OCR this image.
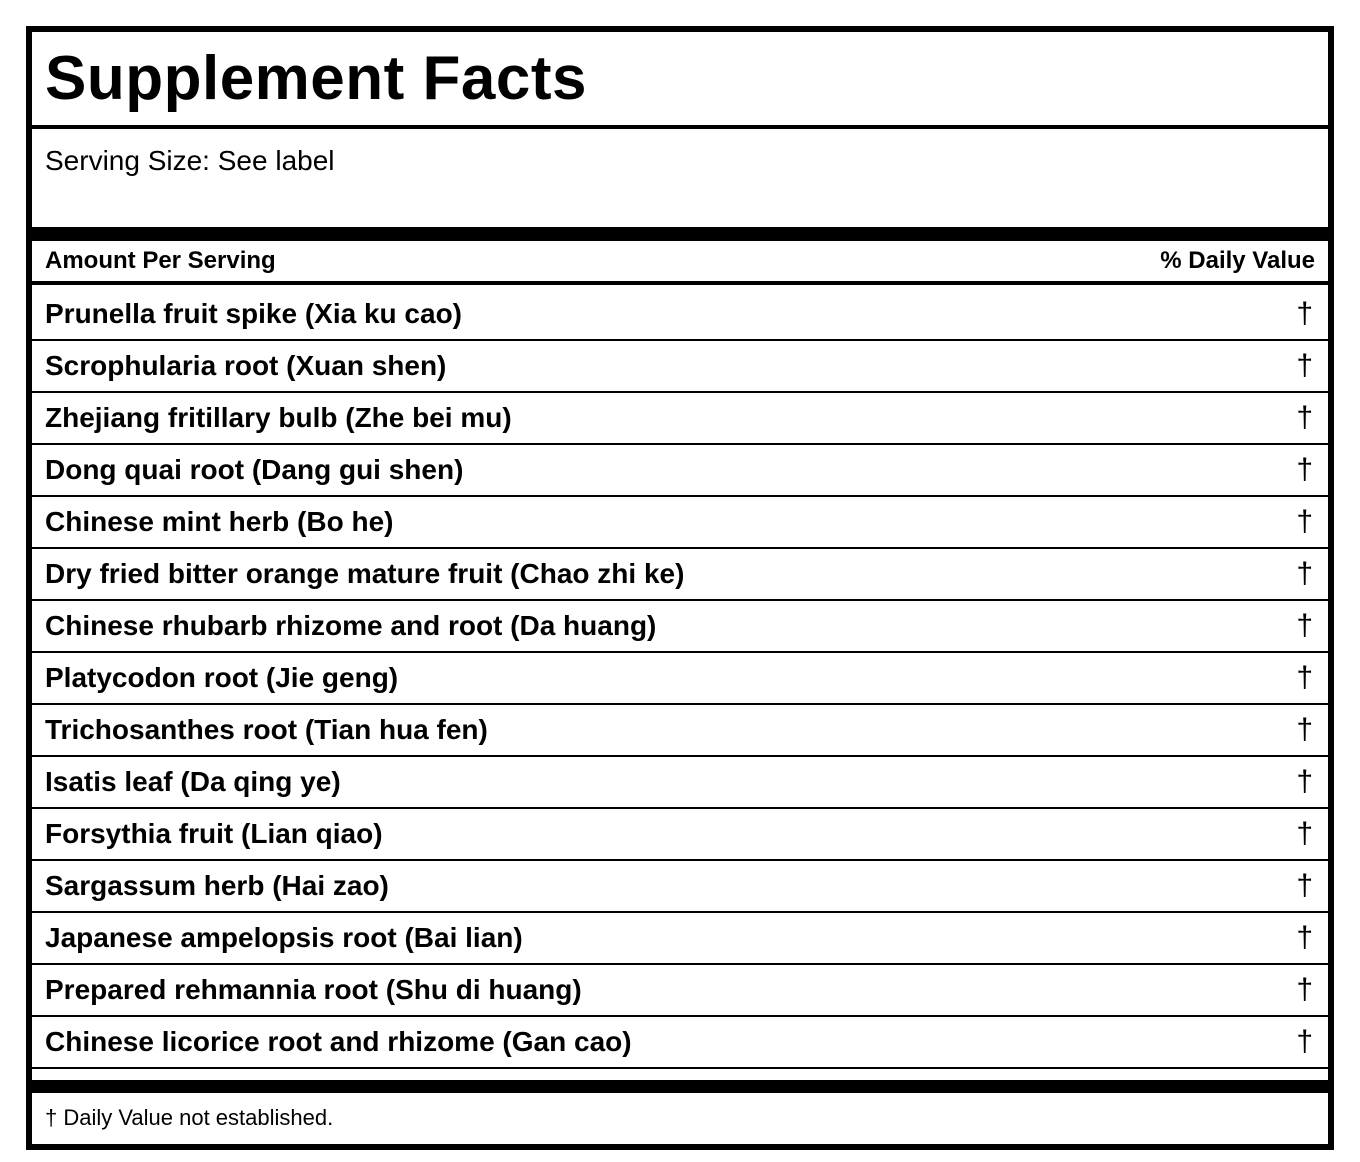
Supplement Facts
Serving Size: See label
Amount Per Serving	% Daily Value
Prunella fruit spike (Xia ku cao)	†
Scrophularia root (Xuan shen)	†
Zhejiang fritillary bulb (Zhe bei mu)	†
Dong quai root (Dang gui shen)	†
Chinese mint herb (Bo he)	†
Dry fried bitter orange mature fruit (Chao zhi ke)	†
Chinese rhubarb rhizome and root (Da huang)	†
Platycodon root (Jie geng)	†
Trichosanthes root (Tian hua fen)	†
Isatis leaf (Da qing ye)	†
Forsythia fruit (Lian qiao)	†
Sargassum herb (Hai zao)	†
Japanese ampelopsis root (Bai lian)	†
Prepared rehmannia root (Shu di huang)	†
Chinese licorice root and rhizome (Gan cao)	†
† Daily Value not established.
